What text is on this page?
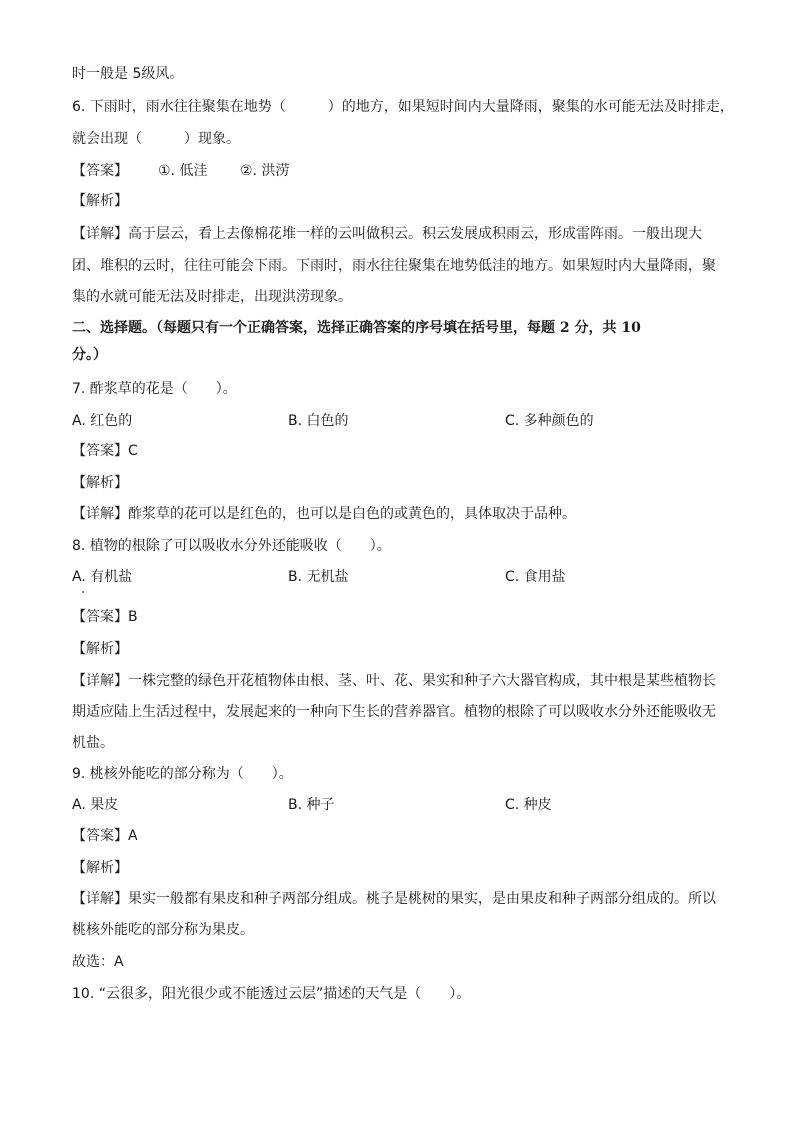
时一般是 5级风。
6. 下雨时，雨水往往聚集在地势（　　　）的地方，如果短时间内大量降雨，聚集的水可能无法及时排走，
就会出现（　　　）现象。
【答案】 ①. 低洼 ②. 洪涝
【解析】
【详解】高于层云，看上去像棉花堆一样的云叫做积云。积云发展成积雨云，形成雷阵雨。一般出现大
团、堆积的云时，往往可能会下雨。下雨时，雨水往往聚集在地势低洼的地方。如果短时内大量降雨，聚
集的水就可能无法及时排走，出现洪涝现象。
二、选择题。（每题只有一个正确答案，选择正确答案的序号填在括号里，每题 2 分，共 10
分。）
7. 酢浆草的花是（　　）。
A. 红色的	B. 白色的	C. 多种颜色的
【答案】C
【解析】
【详解】酢浆草的花可以是红色的，也可以是白色的或黄色的，具体取决于品种。
8. 植物的根除了可以吸收水分外还能吸收（　　）。
A. 有机盐	B. 无机盐	C. 食用盐
【答案】B
【解析】
【详解】一株完整的绿色开花植物体由根、茎、叶、花、果实和种子六大器官构成，其中根是某些植物长
期适应陆上生活过程中，发展起来的一种向下生长的营养器官。植物的根除了可以吸收水分外还能吸收无
机盐。
9. 桃核外能吃的部分称为（　　）。
A. 果皮	B. 种子	C. 种皮
【答案】A
【解析】
【详解】果实一般都有果皮和种子两部分组成。桃子是桃树的果实，是由果皮和种子两部分组成的。所以
桃核外能吃的部分称为果皮。
故选：A
10. “云很多，阳光很少或不能透过云层”描述的天气是（　　）。
